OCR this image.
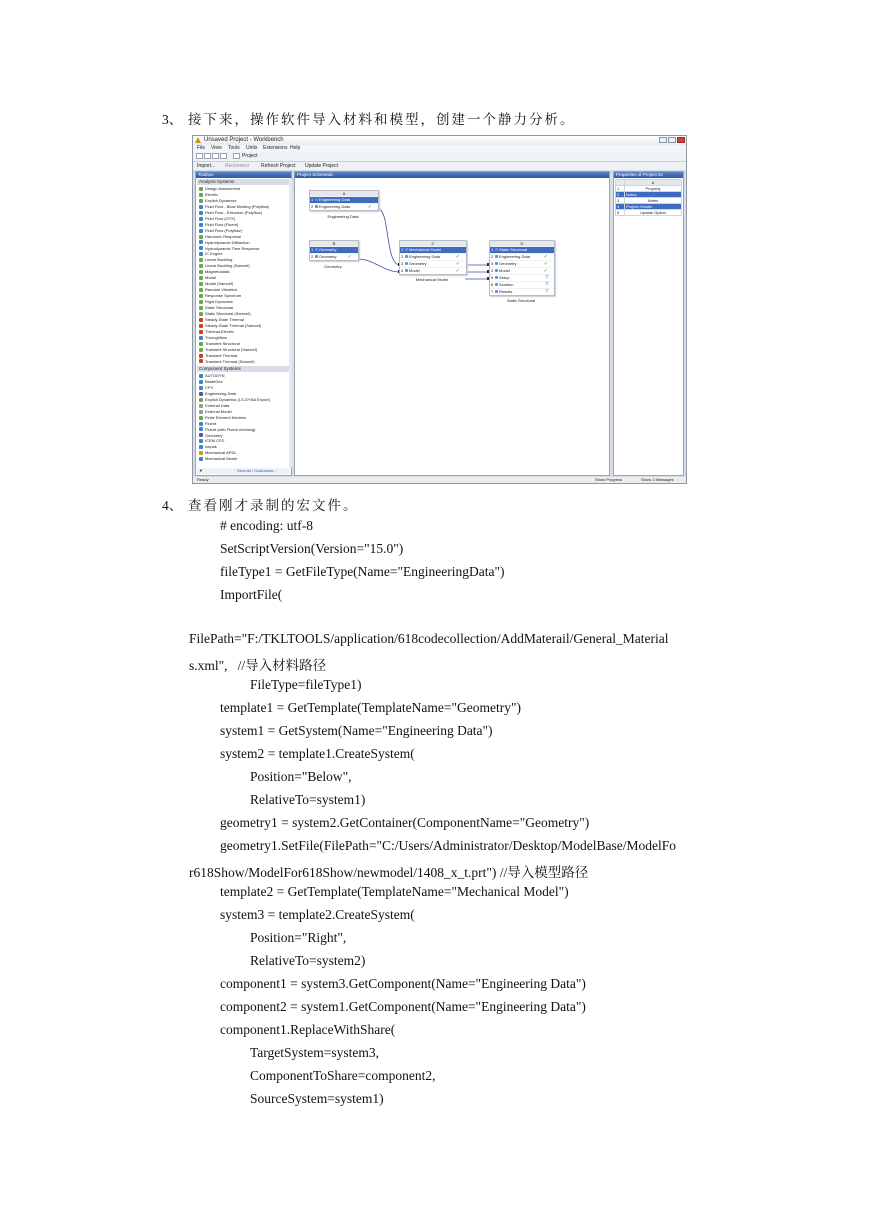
3、 接下来，操作软件导入材料和模型，创建一个静力分析。
Unsaved Project - Workbench
File View Tools Units Extensions Help
Project
Import... Reconnect Refresh Project Update Project
Toolbox
Analysis Systems
Design Assessment
Electric
Explicit Dynamics
Fluid Flow - Blow Molding (Polyflow)
Fluid Flow - Extrusion (Polyflow)
Fluid Flow (CFX)
Fluid Flow (Fluent)
Fluid Flow (Polyflow)
Harmonic Response
Hydrodynamic Diffraction
Hydrodynamic Time Response
IC Engine
Linear Buckling
Linear Buckling (Samcef)
Magnetostatic
Modal
Modal (Samcef)
Random Vibration
Response Spectrum
Rigid Dynamics
Static Structural
Static Structural (Samcef)
Steady-State Thermal
Steady-State Thermal (Samcef)
Thermal-Electric
Throughflow
Transient Structural
Transient Structural (Samcef)
Transient Thermal
Transient Thermal (Samcef)
Component Systems
AUTODYN
BladeGen
CFX
Engineering Data
Explicit Dynamics (LS-DYNA Export)
External Data
External Model
Finite Element Modeler
Fluent
Fluent (with Fluent meshing)
Geometry
ICEM CFD
Icepak
Mechanical APDL
Mechanical Model
▼	View All / Customize...
Project Schematic
A
1 Engineering Data
2 Engineering Data	✓
Engineering Data
B
1 Geometry
2 Geometry ✓
Geometry
C
1 Mechanical Model
2 Engineering Data	✓
3 Geometry	✓
4 Model	✓
Mechanical Model
D
1 Static Structural
2 Engineering Data	✓
3 Geometry	✓
4 Model	✓
5 Setup	?
6 Solution	?
7 Results	?
Static Structural
Properties of Project Sc
	A
1	Property
2	Notes
3	Notes
4	Project Header
5	Update Option
Ready	Show Progress	Show 1 Messages
4、 查看刚才录制的宏文件。
# encoding: utf-8
SetScriptVersion(Version="15.0")
fileType1 = GetFileType(Name="EngineeringData")
ImportFile(
FilePath="F:/TKLTOOLS/application/618codecollection/AddMaterail/General_Material
s.xml",   //导入材料路径
FileType=fileType1)
template1 = GetTemplate(TemplateName="Geometry")
system1 = GetSystem(Name="Engineering Data")
system2 = template1.CreateSystem(
Position="Below",
RelativeTo=system1)
geometry1 = system2.GetContainer(ComponentName="Geometry")
geometry1.SetFile(FilePath="C:/Users/Administrator/Desktop/ModelBase/ModelFo
r618Show/ModelFor618Show/newmodel/1408_x_t.prt") //导入模型路径
template2 = GetTemplate(TemplateName="Mechanical Model")
system3 = template2.CreateSystem(
Position="Right",
RelativeTo=system2)
component1 = system3.GetComponent(Name="Engineering Data")
component2 = system1.GetComponent(Name="Engineering Data")
component1.ReplaceWithShare(
TargetSystem=system3,
ComponentToShare=component2,
SourceSystem=system1)
